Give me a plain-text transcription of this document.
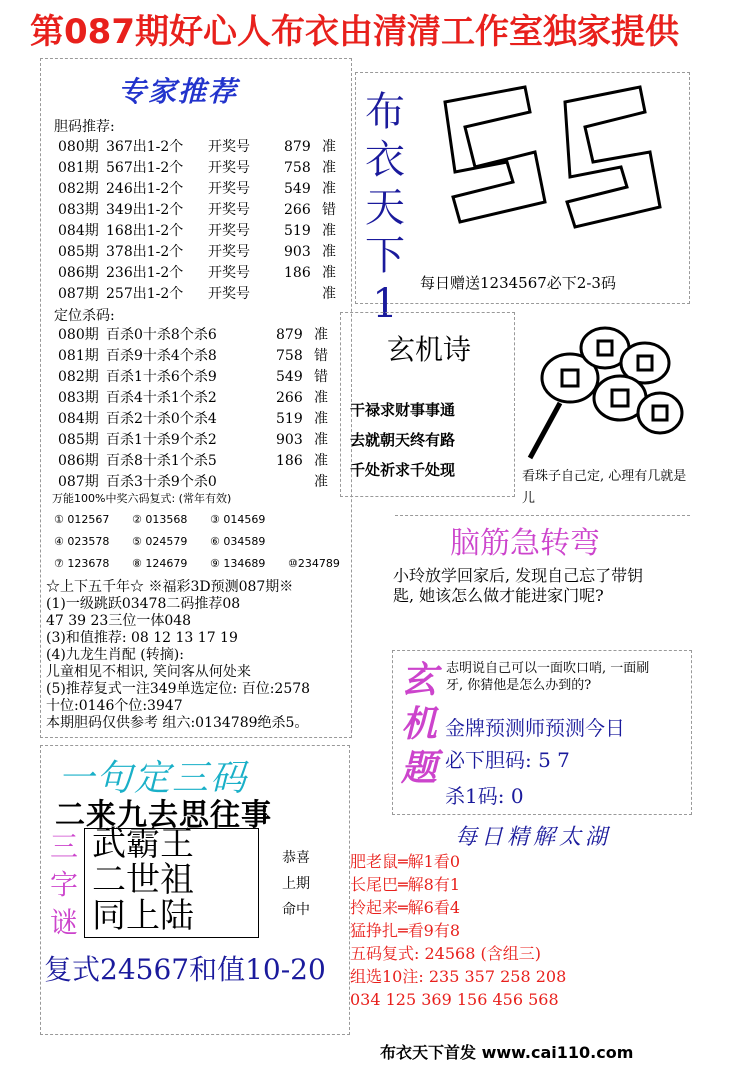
第087期好心人布衣由清清工作室独家提供
专家推荐
胆码推荐:
080期 367出1-2个 开奖号 879 准
081期 567出1-2个 开奖号 758 准
082期 246出1-2个 开奖号 549 准
083期 349出1-2个 开奖号 266 错
084期 168出1-2个 开奖号 519 准
085期 378出1-2个 开奖号 903 准
086期 236出1-2个 开奖号 186 准
087期 257出1-2个 开奖号	准
定位杀码:
080期 百杀0十杀8个杀6	879 准
081期 百杀9十杀4个杀8	758 错
082期 百杀1十杀6个杀9	549 错
083期 百杀4十杀1个杀2	266 准
084期 百杀2十杀0个杀4	519 准
085期 百杀1十杀9个杀2	903 准
086期 百杀8十杀1个杀5	186 准
087期 百杀3十杀9个杀0	准
万能100%中奖六码复式: (常年有效)
① 012567 ② 013568 ③ 014569
④ 023578 ⑤ 024579 ⑥ 034589
⑦ 123678 ⑧ 124679 ⑨ 134689 ⑩234789
☆上下五千年☆ ※福彩3D预测087期※
(1)一级跳跃03478二码推荐08
47 39 23三位一体048
(3)和值推荐: 08 12 13 17 19
(4)九龙生肖配 (转摘):
儿童相见不相识, 笑问客从何处来
(5)推荐复式一注349单选定位: 百位:2578
十位:0146个位:3947
本期胆码仅供参考 组六:0134789绝杀5。
布
衣
天
下
1	每日赠送1234567必下2-3码
玄机诗
干禄求财事事通
去就朝天终有路
千处祈求千处现	看珠子自己定, 心理有几就是儿
脑筋急转弯
小玲放学回家后, 发现自己忘了带钥匙, 她该怎么做才能进家门呢?
玄
机
题
志明说自己可以一面吹口哨, 一面刷牙, 你猜他是怎么办到的?
金牌预测师预测今日
必下胆码: 5 7
杀1码: 0
每日精解太湖
肥老鼠═解1看0
长尾巴═解8有1
拎起来═解6看4
猛挣扎═看9有8
五码复式: 24568 (含组三)
组选10注: 235 357 258 208
034 125 369 156 456 568
一句定三码
二来九去思往事
三
字
谜
武霸王
二世祖
同上陆
恭喜
上期
命中
复式24567和值10-20
布衣天下首发 www.cai110.com
